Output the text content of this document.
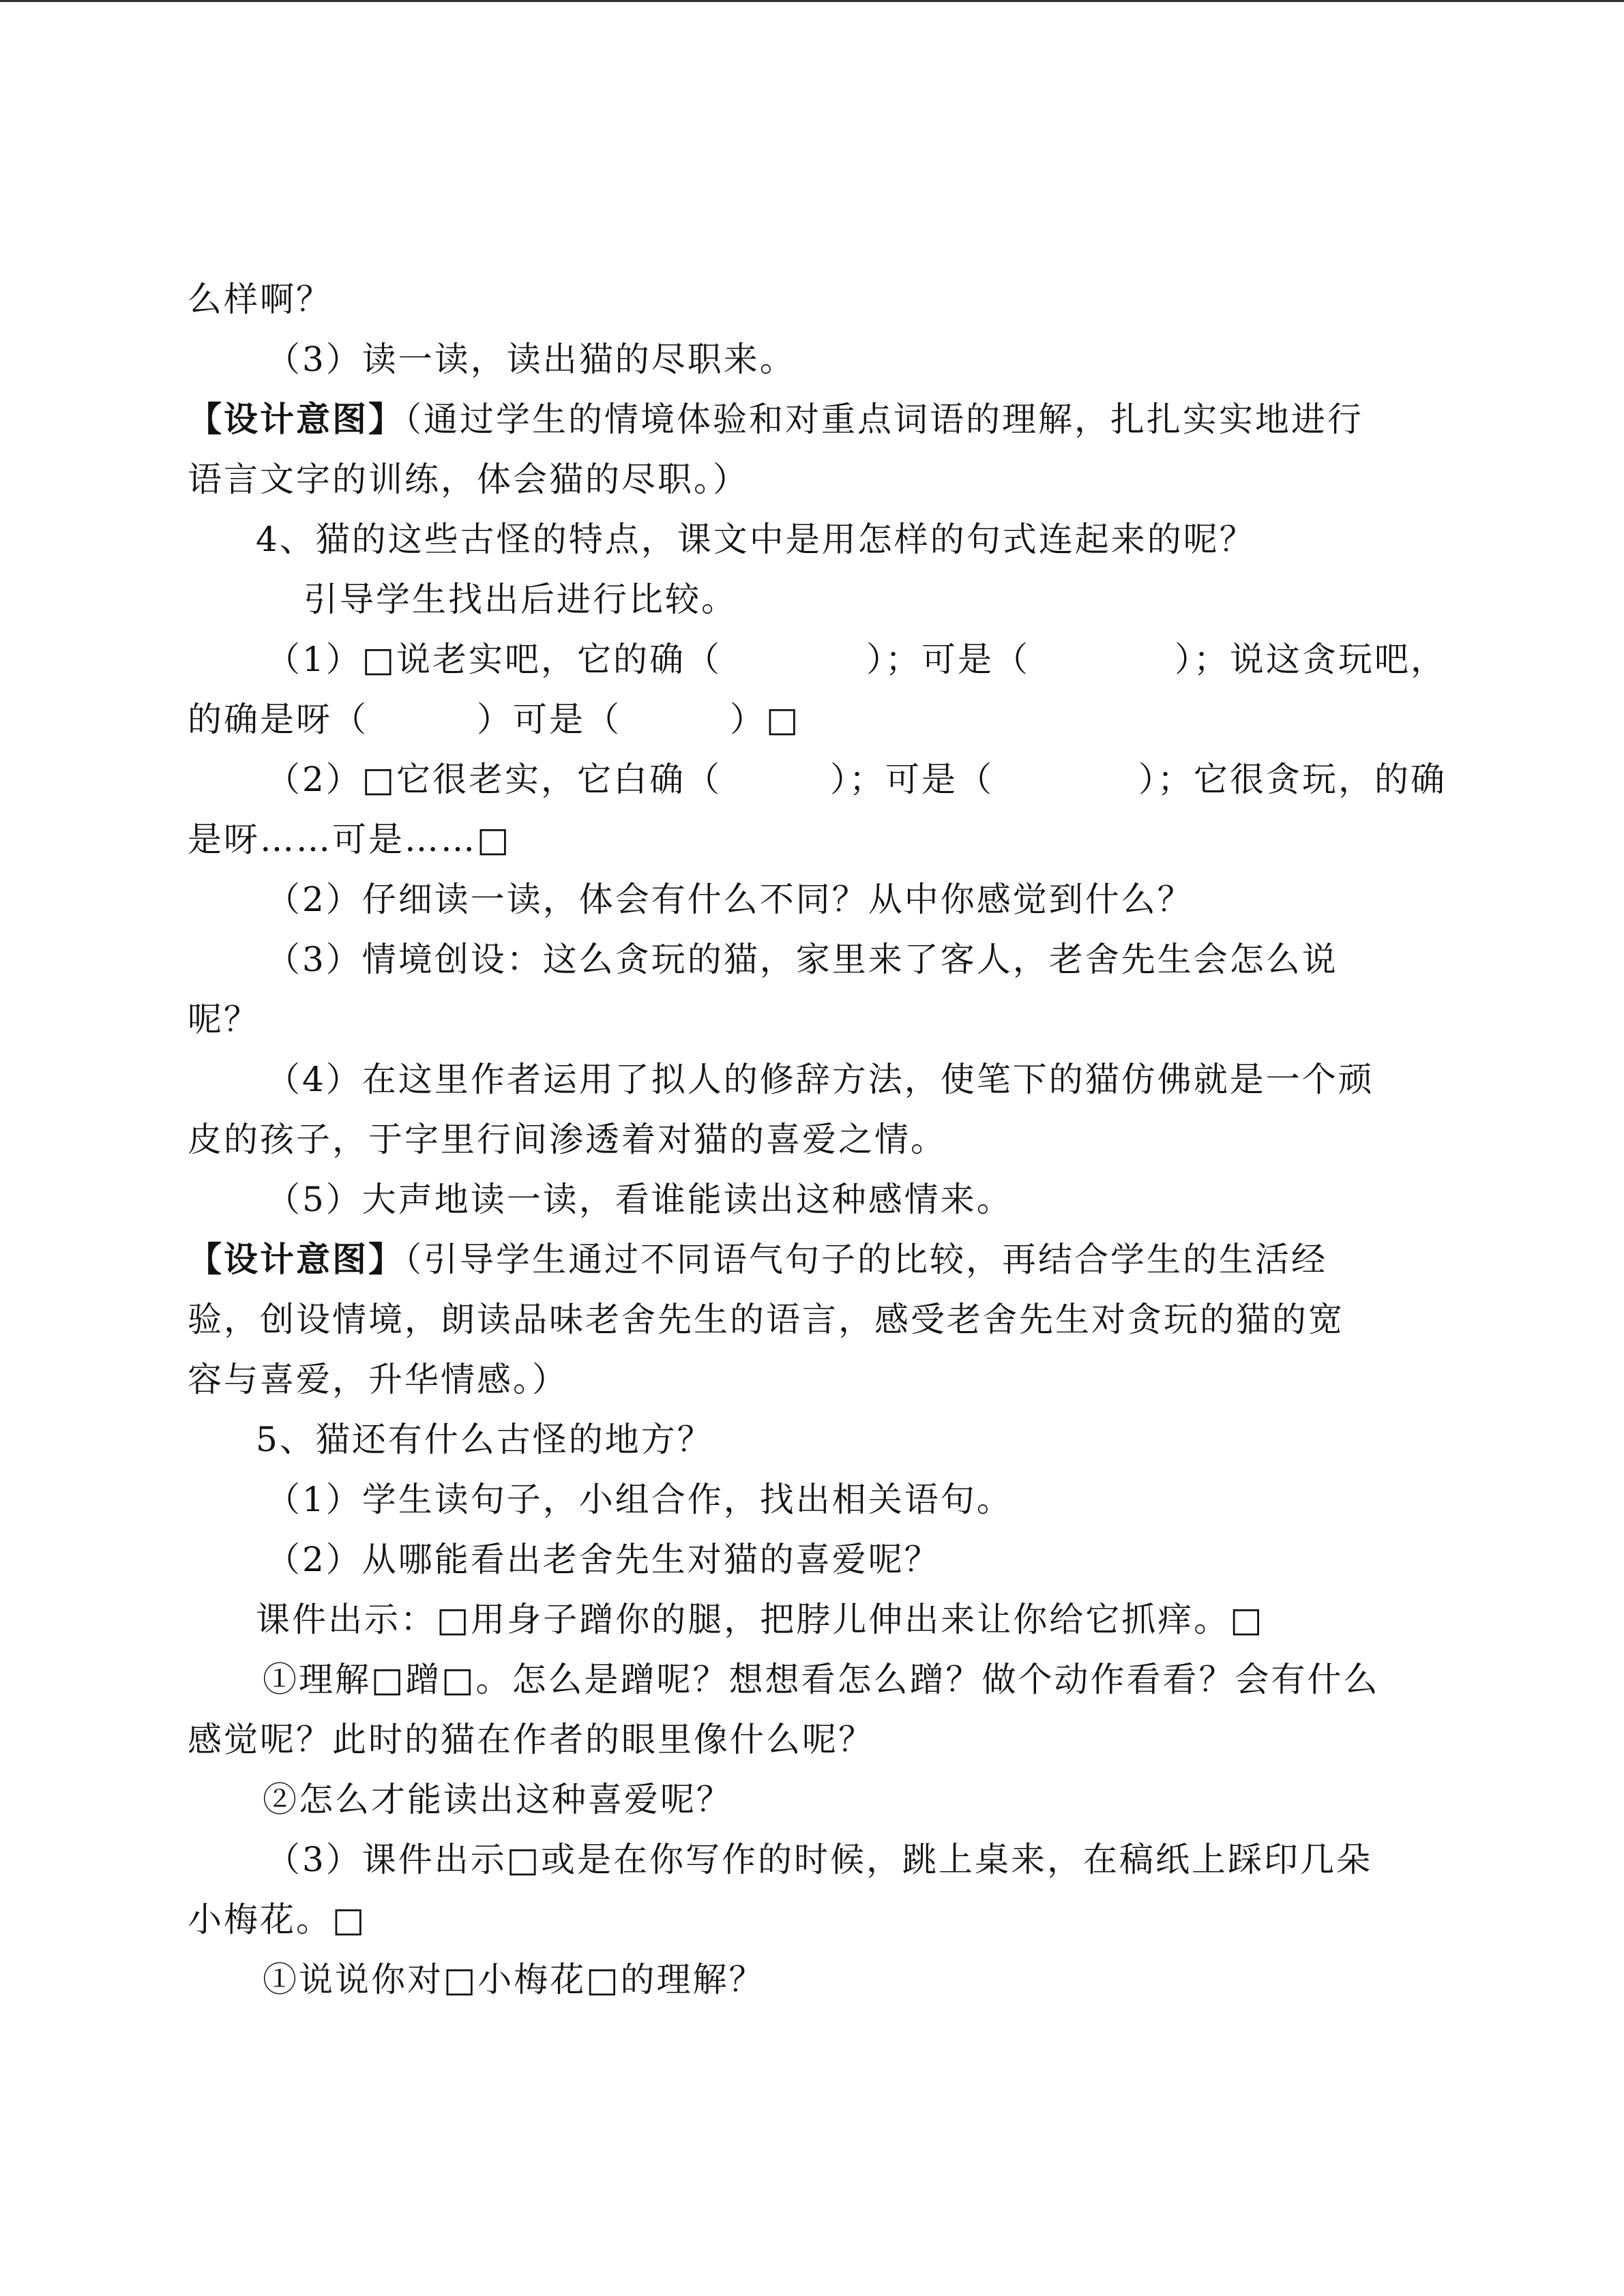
么样啊？
（3）读一读，读出猫的尽职来。
【设计意图】（通过学生的情境体验和对重点词语的理解，扎扎实实地进行
语言文字的训练，体会猫的尽职。）
4、猫的这些古怪的特点，课文中是用怎样的句式连起来的呢？
引导学生找出后进行比较。
（1）□说老实吧，它的确（　　　　）；可是（　　　　）；说这贪玩吧，
的确是呀（　　　）可是（　　　）□
（2）□它很老实，它白确（　　　）；可是（　　　　）；它很贪玩，的确
是呀……可是……□
（2）仔细读一读，体会有什么不同？从中你感觉到什么？
（3）情境创设：这么贪玩的猫，家里来了客人，老舍先生会怎么说
呢？
（4）在这里作者运用了拟人的修辞方法，使笔下的猫仿佛就是一个顽
皮的孩子，于字里行间渗透着对猫的喜爱之情。
（5）大声地读一读，看谁能读出这种感情来。
【设计意图】（引导学生通过不同语气句子的比较，再结合学生的生活经
验，创设情境，朗读品味老舍先生的语言，感受老舍先生对贪玩的猫的宽
容与喜爱，升华情感。）
5、猫还有什么古怪的地方？
（1）学生读句子，小组合作，找出相关语句。
（2）从哪能看出老舍先生对猫的喜爱呢？
课件出示：□用身子蹭你的腿，把脖儿伸出来让你给它抓痒。□
①理解□蹭□。怎么是蹭呢？想想看怎么蹭？做个动作看看？会有什么
感觉呢？此时的猫在作者的眼里像什么呢？
②怎么才能读出这种喜爱呢？
（3）课件出示□或是在你写作的时候，跳上桌来，在稿纸上踩印几朵
小梅花。□
①说说你对□小梅花□的理解？
